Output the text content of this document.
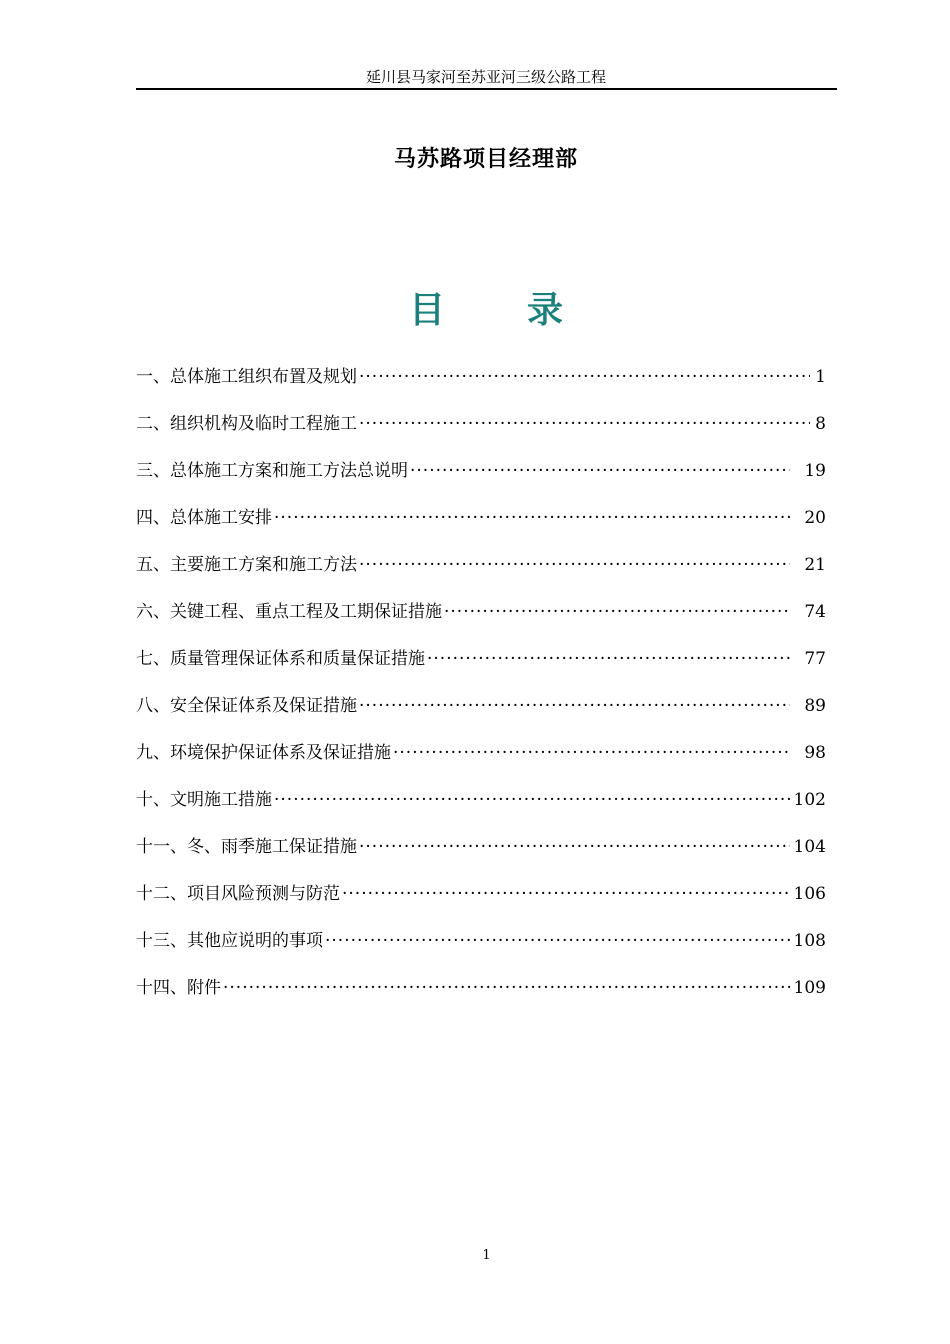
延川县马家河至苏亚河三级公路工程
马苏路项目经理部
目 录
一、总体施工组织布置及规划 ·····	1
二、组织机构及临时工程施工 ·····	8
三、总体施工方案和施工方法总说明 ·····	19
四、总体施工安排 ·····	20
五、主要施工方案和施工方法 ·····	21
六、关键工程、重点工程及工期保证措施 ·····	74
七、质量管理保证体系和质量保证措施 ·····	77
八、安全保证体系及保证措施 ·····	89
九、环境保护保证体系及保证措施 ·····	98
十、文明施工措施 ·····	102
十一、冬、雨季施工保证措施 ·····	104
十二、项目风险预测与防范 ·····	106
十三、其他应说明的事项 ·····	108
十四、附件 ·····	109
1
